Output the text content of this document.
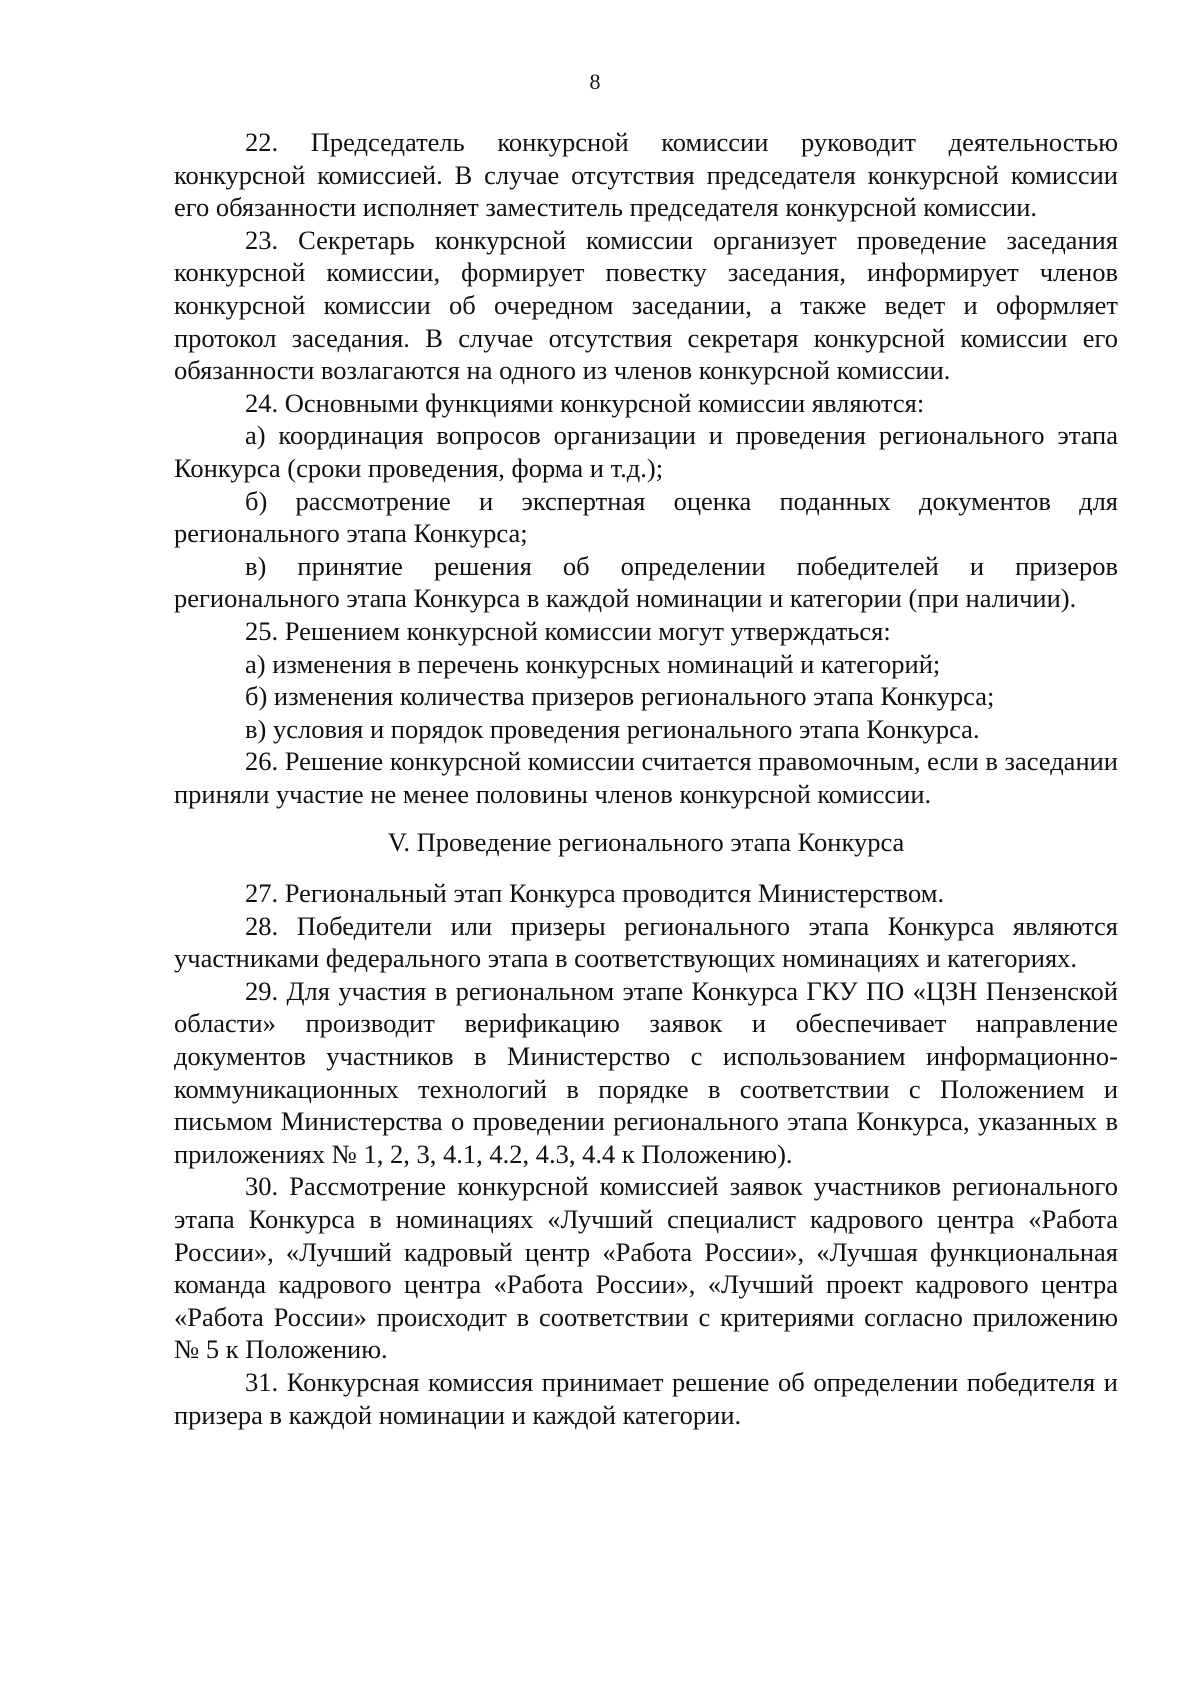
8

22. Председатель конкурсной комиссии руководит деятельностью конкурсной комиссией. В случае отсутствия председателя конкурсной комиссии его обязанности исполняет заместитель председателя конкурсной комиссии.

23. Секретарь конкурсной комиссии организует проведение заседания конкурсной комиссии, формирует повестку заседания, информирует членов конкурсной комиссии об очередном заседании, а также ведет и оформляет протокол заседания. В случае отсутствия секретаря конкурсной комиссии его обязанности возлагаются на одного из членов конкурсной комиссии.

24. Основными функциями конкурсной комиссии являются:

а) координация вопросов организации и проведения регионального этапа Конкурса (сроки проведения, форма и т.д.);

б) рассмотрение и экспертная оценка поданных документов для регионального этапа Конкурса;

в) принятие решения об определении победителей и призеров регионального этапа Конкурса в каждой номинации и категории (при наличии).

25. Решением конкурсной комиссии могут утверждаться:

а) изменения в перечень конкурсных номинаций и категорий;

б) изменения количества призеров регионального этапа Конкурса;

в) условия и порядок проведения регионального этапа Конкурса.

26. Решение конкурсной комиссии считается правомочным, если в заседании приняли участие не менее половины членов конкурсной комиссии.

V. Проведение регионального этапа Конкурса

27. Региональный этап Конкурса проводится Министерством.

28. Победители или призеры регионального этапа Конкурса являются участниками федерального этапа в соответствующих номинациях и категориях.

29. Для участия в региональном этапе Конкурса ГКУ ПО «ЦЗН Пензенской области» производит верификацию заявок и обеспечивает направление документов участников в Министерство с использованием информационно-коммуникационных технологий в порядке в соответствии с Положением и письмом Министерства о проведении регионального этапа Конкурса, указанных в приложениях № 1, 2, 3, 4.1, 4.2, 4.3, 4.4 к Положению).

30. Рассмотрение конкурсной комиссией заявок участников регионального этапа Конкурса в номинациях «Лучший специалист кадрового центра «Работа России», «Лучший кадровый центр «Работа России», «Лучшая функциональная команда кадрового центра «Работа России», «Лучший проект кадрового центра «Работа России» происходит в соответствии с критериями согласно приложению № 5 к Положению.

31. Конкурсная комиссия принимает решение об определении победителя и призера в каждой номинации и каждой категории.
